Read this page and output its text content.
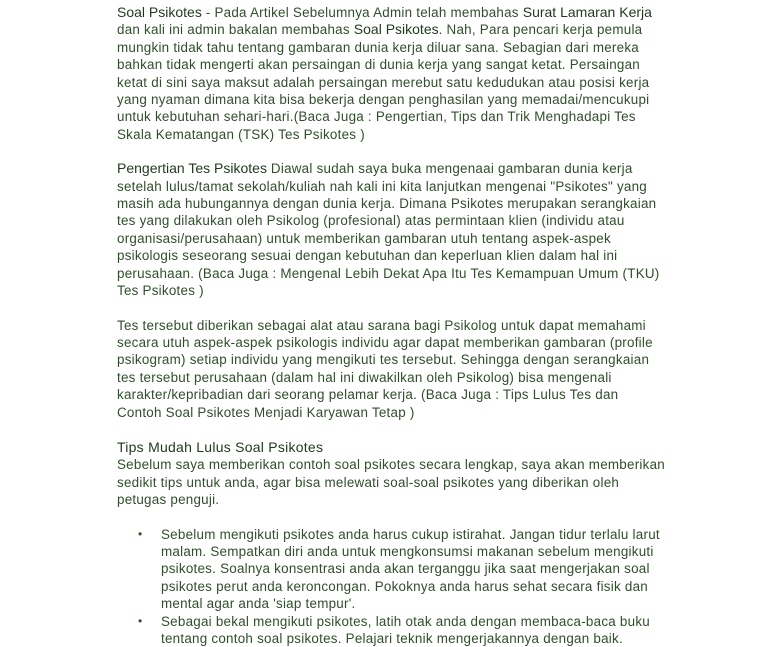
Soal Psikotes - Pada Artikel Sebelumnya Admin telah membahas Surat Lamaran Kerja dan kali ini admin bakalan membahas Soal Psikotes. Nah, Para pencari kerja pemula mungkin tidak tahu tentang gambaran dunia kerja diluar sana. Sebagian dari mereka bahkan tidak mengerti akan persaingan di dunia kerja yang sangat ketat. Persaingan ketat di sini saya maksut adalah persaingan merebut satu kedudukan atau posisi kerja yang nyaman dimana kita bisa bekerja dengan penghasilan yang memadai/mencukupi untuk kebutuhan sehari-hari.(Baca Juga : Pengertian, Tips dan Trik Menghadapi Tes Skala Kematangan (TSK) Tes Psikotes )

Pengertian Tes Psikotes Diawal sudah saya buka mengenaai gambaran dunia kerja setelah lulus/tamat sekolah/kuliah nah kali ini kita lanjutkan mengenai "Psikotes" yang masih ada hubungannya dengan dunia kerja. Dimana Psikotes merupakan serangkaian tes yang dilakukan oleh Psikolog (profesional) atas permintaan klien (individu atau organisasi/perusahaan) untuk memberikan gambaran utuh tentang aspek-aspek psikologis seseorang sesuai dengan kebutuhan dan keperluan klien dalam hal ini perusahaan. (Baca Juga : Mengenal Lebih Dekat Apa Itu Tes Kemampuan Umum (TKU) Tes Psikotes )

Tes tersebut diberikan sebagai alat atau sarana bagi Psikolog untuk dapat memahami secara utuh aspek-aspek psikologis individu agar dapat memberikan gambaran (profile psikogram) setiap individu yang mengikuti tes tersebut. Sehingga dengan serangkaian tes tersebut perusahaan (dalam hal ini diwakilkan oleh Psikolog) bisa mengenali karakter/kepribadian dari seorang pelamar kerja. (Baca Juga : Tips Lulus Tes dan Contoh Soal Psikotes Menjadi Karyawan Tetap )

Tips Mudah Lulus Soal Psikotes
Sebelum saya memberikan contoh soal psikotes secara lengkap, saya akan memberikan sedikit tips untuk anda, agar bisa melewati soal-soal psikotes yang diberikan oleh petugas penguji.
• Sebelum mengikuti psikotes anda harus cukup istirahat. Jangan tidur terlalu larut malam. Sempatkan diri anda untuk mengkonsumsi makanan sebelum mengikuti psikotes. Soalnya konsentrasi anda akan terganggu jika saat mengerjakan soal psikotes perut anda keroncongan. Pokoknya anda harus sehat secara fisik dan mental agar anda 'siap tempur'.
• Sebagai bekal mengikuti psikotes, latih otak anda dengan membaca-baca buku tentang contoh soal psikotes. Pelajari teknik mengerjakannya dengan baik.
